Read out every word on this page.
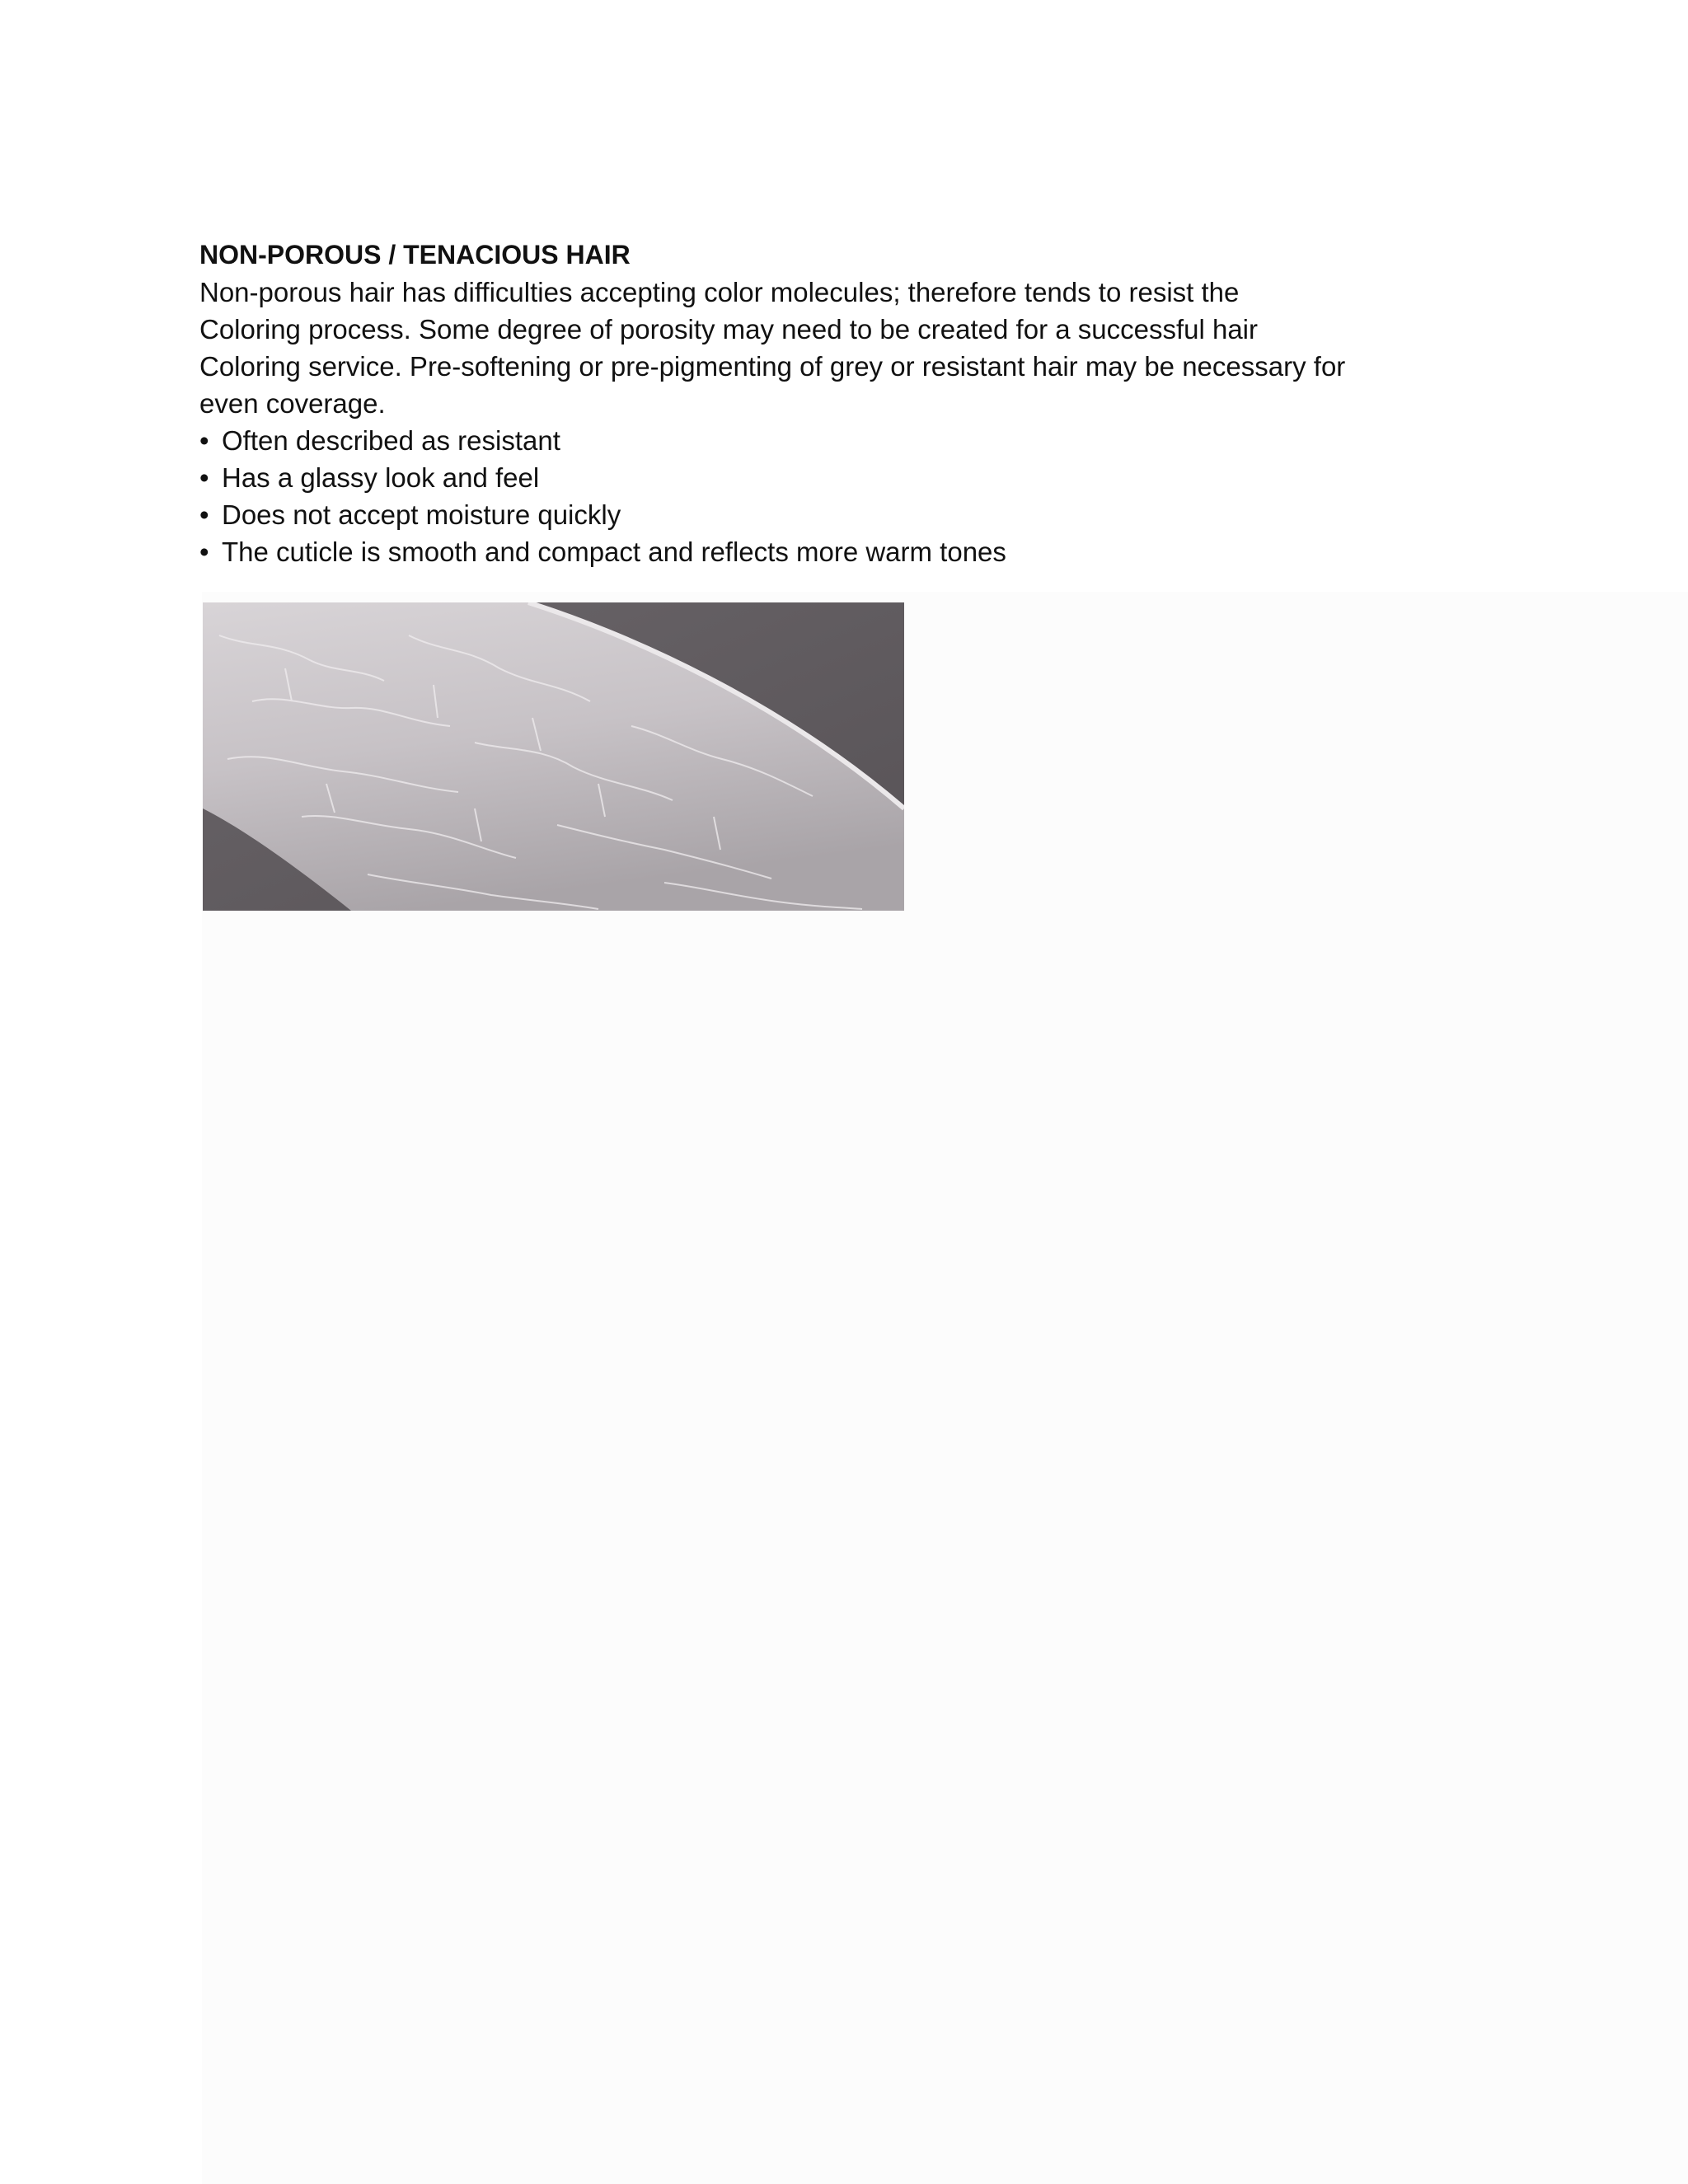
NON-POROUS / TENACIOUS HAIR

Non-porous hair has difficulties accepting color molecules; therefore tends to resist the
Coloring process. Some degree of porosity may need to be created for a successful hair
Coloring service. Pre-softening or pre-pigmenting of grey or resistant hair may be necessary for
even coverage.

• Often described as resistant
• Has a glassy look and feel
• Does not accept moisture quickly
• The cuticle is smooth and compact and reflects more warm tones
